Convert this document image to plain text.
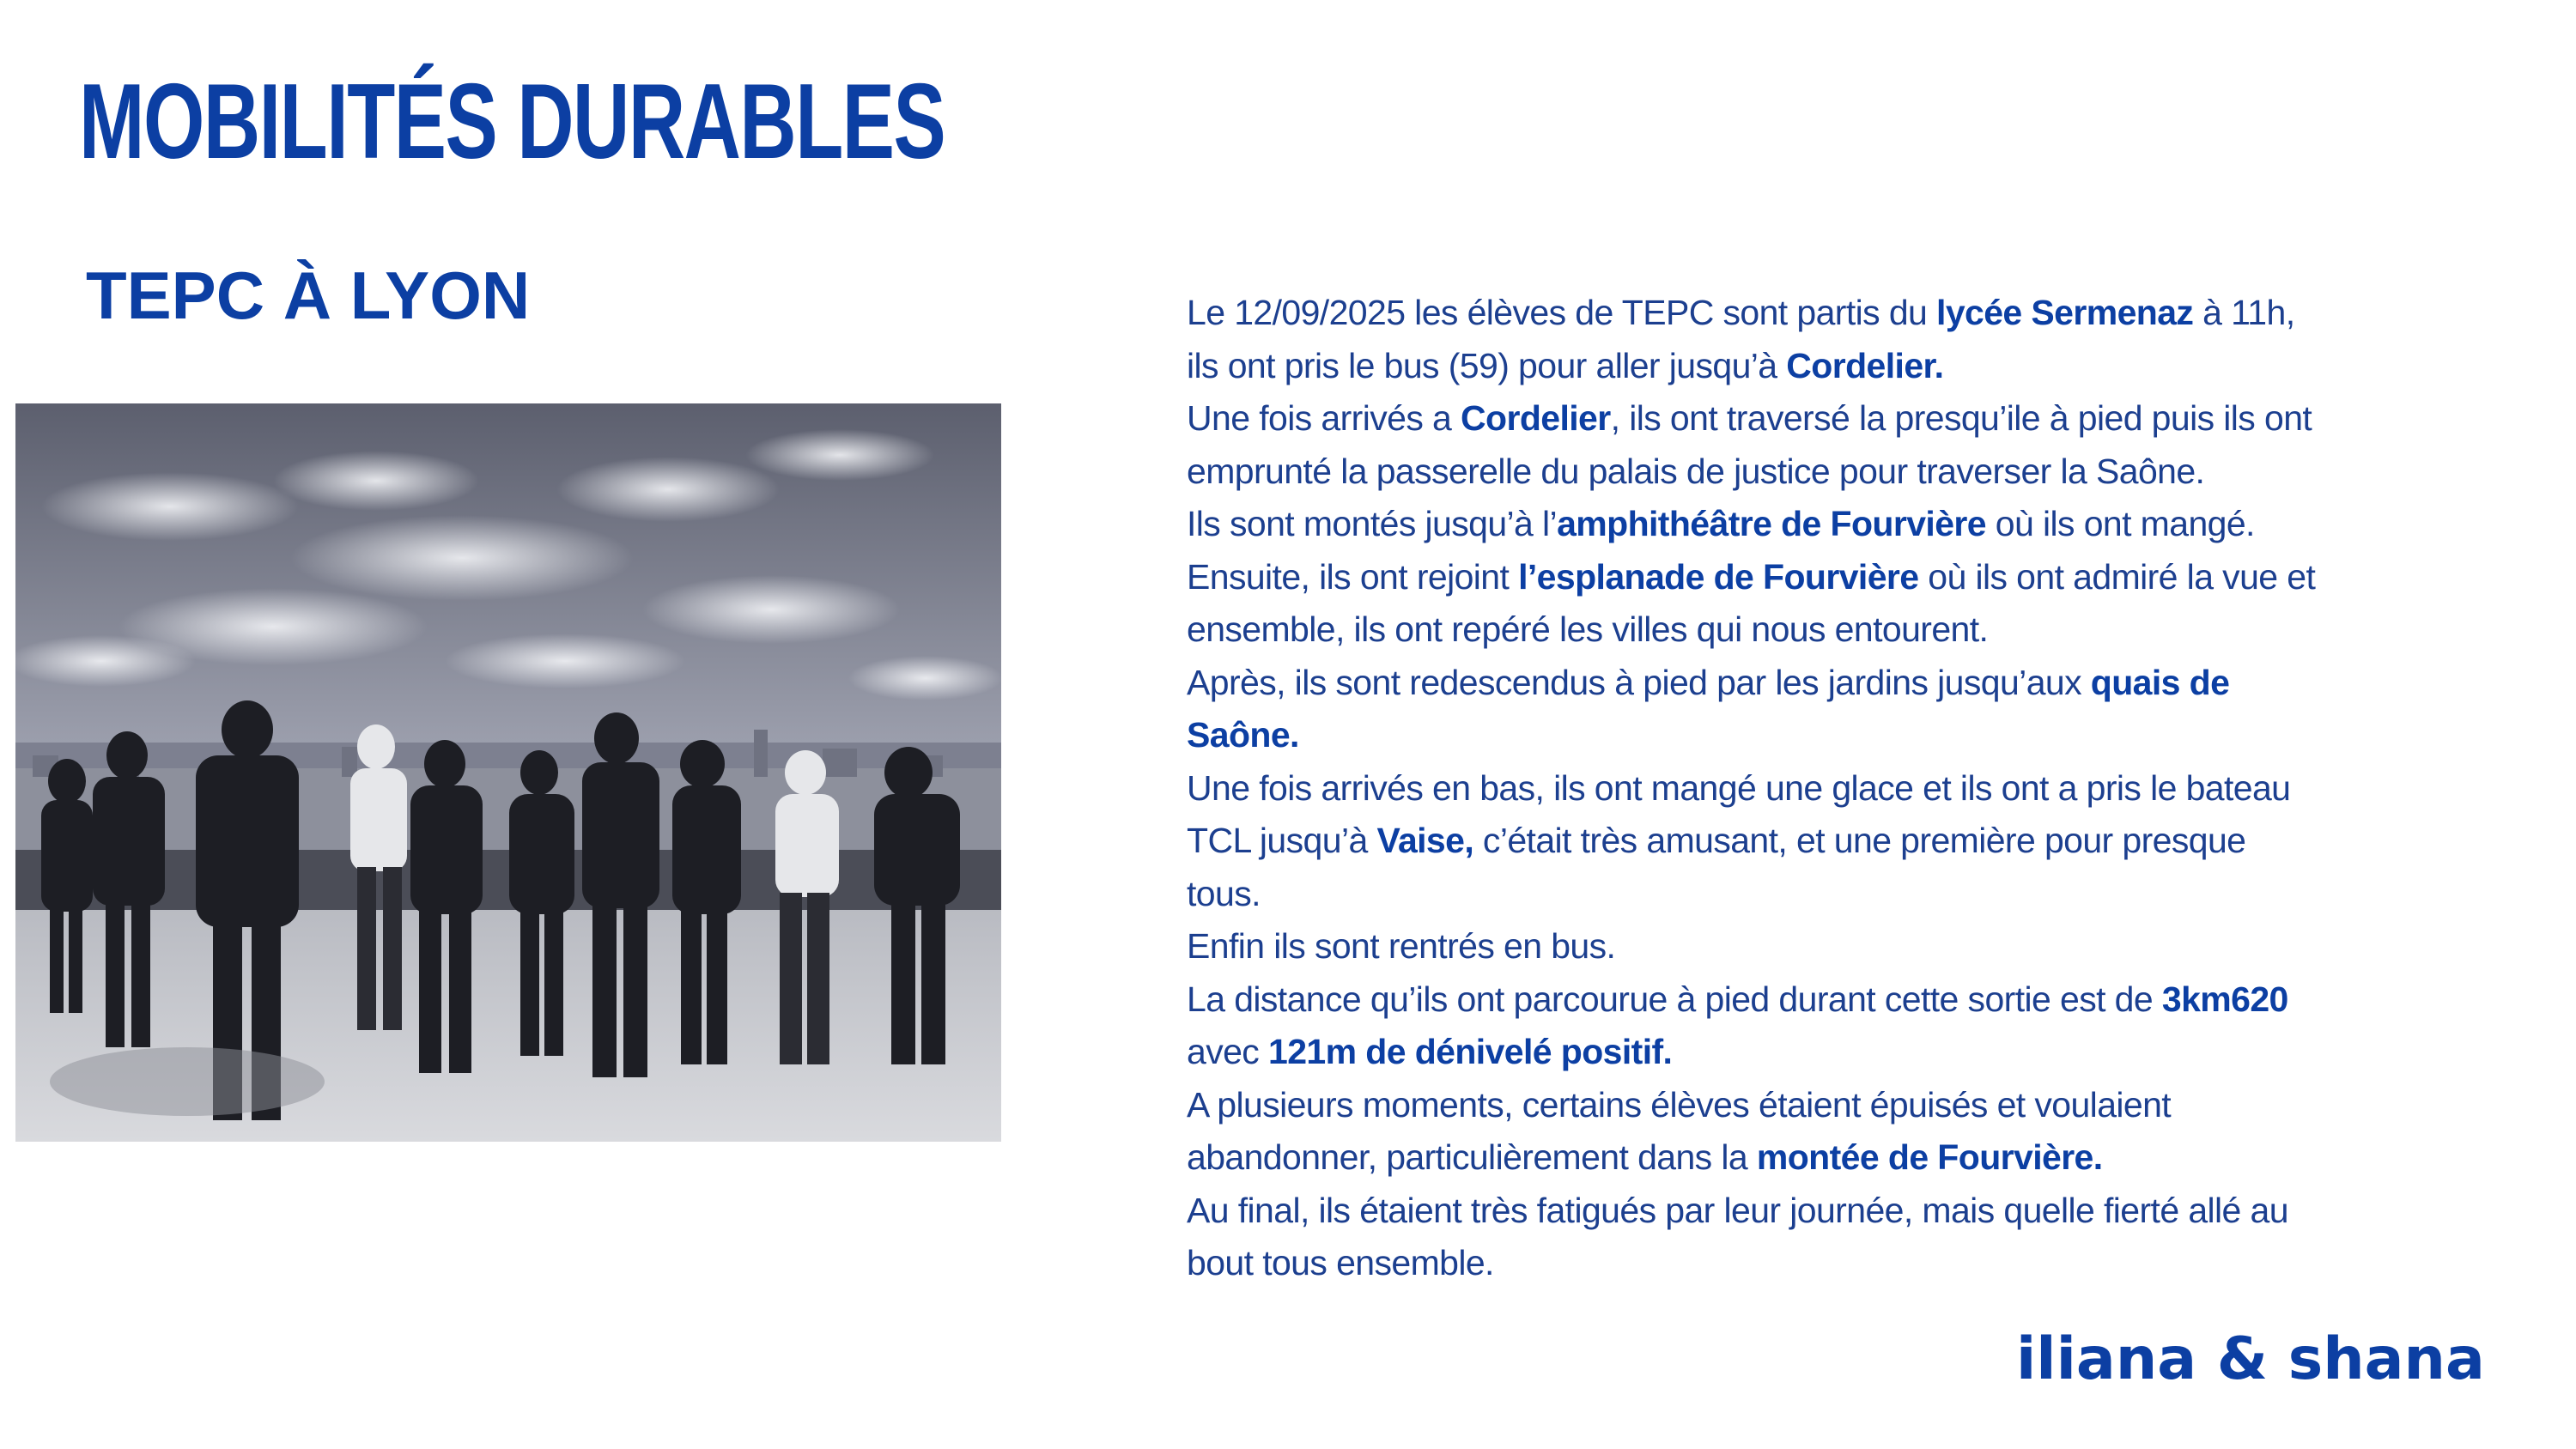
MOBILITÉS DURABLES
TEPC À LYON	Le 12/09/2025 les élèves de TEPC sont partis du lycée Sermenaz à 11h,
ils ont pris le bus (59) pour aller jusqu’à Cordelier.
Une fois arrivés a Cordelier, ils ont traversé la presqu’ile à pied puis ils ont
emprunté la passerelle du palais de justice pour traverser la Saône.
Ils sont montés jusqu’à l’amphithéâtre de Fourvière où ils ont mangé.
Ensuite, ils ont rejoint l’esplanade de Fourvière où ils ont admiré la vue et
ensemble, ils ont repéré les villes qui nous entourent.
Après, ils sont redescendus à pied par les jardins jusqu’aux quais de
Saône.
Une fois arrivés en bas, ils ont mangé une glace et ils ont a pris le bateau
TCL jusqu’à Vaise, c’était très amusant, et une première pour presque
tous.
Enfin ils sont rentrés en bus.
La distance qu’ils ont parcourue à pied durant cette sortie est de 3km620
avec 121m de dénivelé positif.
A plusieurs moments, certains élèves étaient épuisés et voulaient
abandonner, particulièrement dans la montée de Fourvière.
Au final, ils étaient très fatigués par leur journée, mais quelle fierté allé au
bout tous ensemble.

iliana & shana
